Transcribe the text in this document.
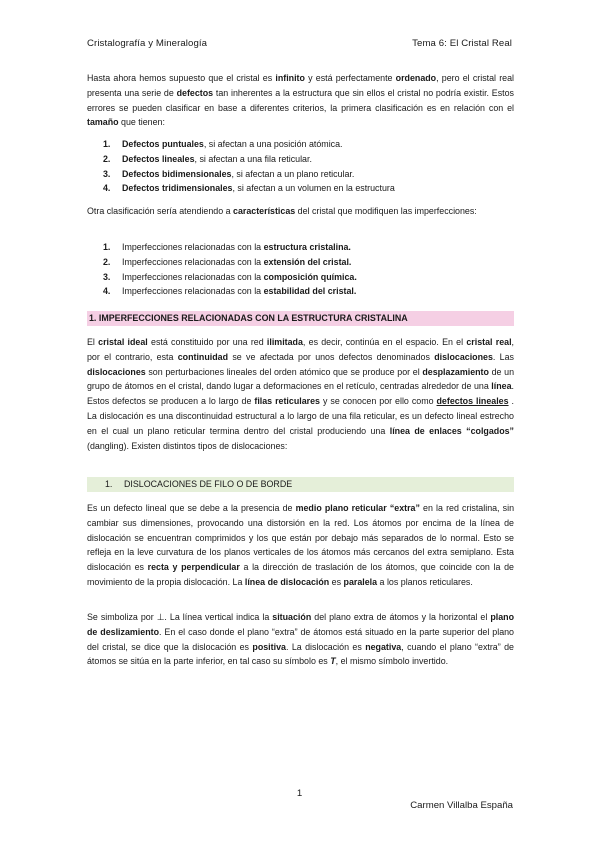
Cristalografía y Mineralogía	Tema 6: El Cristal Real

Hasta ahora hemos supuesto que el cristal es infinito y está perfectamente ordenado, pero el cristal real presenta una serie de defectos tan inherentes a la estructura que sin ellos el cristal no podría existir. Estos errores se pueden clasificar en base a diferentes criterios, la primera clasificación es en relación con el tamaño que tienen:

1. Defectos puntuales, si afectan a una posición atómica.
2. Defectos lineales, si afectan a una fila reticular.
3. Defectos bidimensionales, si afectan a un plano reticular.
4. Defectos tridimensionales, si afectan a un volumen en la estructura

Otra clasificación sería atendiendo a características del cristal que modifiquen las imperfecciones:

1. Imperfecciones relacionadas con la estructura cristalina.
2. Imperfecciones relacionadas con la extensión del cristal.
3. Imperfecciones relacionadas con la composición química.
4. Imperfecciones relacionadas con la estabilidad del cristal.
1. IMPERFECCIONES RELACIONADAS CON LA ESTRUCTURA CRISTALINA

El cristal ideal está constituido por una red ilimitada, es decir, continúa en el espacio. En el cristal real, por el contrario, esta continuidad se ve afectada por unos defectos denominados dislocaciones. Las dislocaciones son perturbaciones lineales del orden atómico que se produce por el desplazamiento de un grupo de átomos en el cristal, dando lugar a deformaciones en el retículo, centradas alrededor de una línea. Estos defectos se producen a lo largo de filas reticulares y se conocen por ello como defectos lineales . La dislocación es una discontinuidad estructural a lo largo de una fila reticular, es un defecto lineal estrecho en el cual un plano reticular termina dentro del cristal produciendo una línea de enlaces “colgados” (dangling). Existen distintos tipos de dislocaciones:

1. DISLOCACIONES DE FILO O DE BORDE

Es un defecto lineal que se debe a la presencia de medio plano reticular “extra” en la red cristalina, sin cambiar sus dimensiones, provocando una distorsión en la red. Los átomos por encima de la línea de dislocación se encuentran comprimidos y los que están por debajo más separados de lo normal. Esto se refleja en la leve curvatura de los planos verticales de los átomos más cercanos del extra semiplano. Esta dislocación es recta y perpendicular a la dirección de traslación de los átomos, que coincide con la de movimiento de la propia dislocación. La línea de dislocación es paralela a los planos reticulares.

Se simboliza por ⊥. La línea vertical indica la situación del plano extra de átomos y la horizontal el plano de deslizamiento. En el caso donde el plano “extra” de átomos está situado en la parte superior del plano del cristal, se dice que la dislocación es positiva. La dislocación es negativa, cuando el plano “extra” de átomos se sitúa en la parte inferior, en tal caso su símbolo es T, el mismo símbolo invertido.

1
Carmen Villalba España
